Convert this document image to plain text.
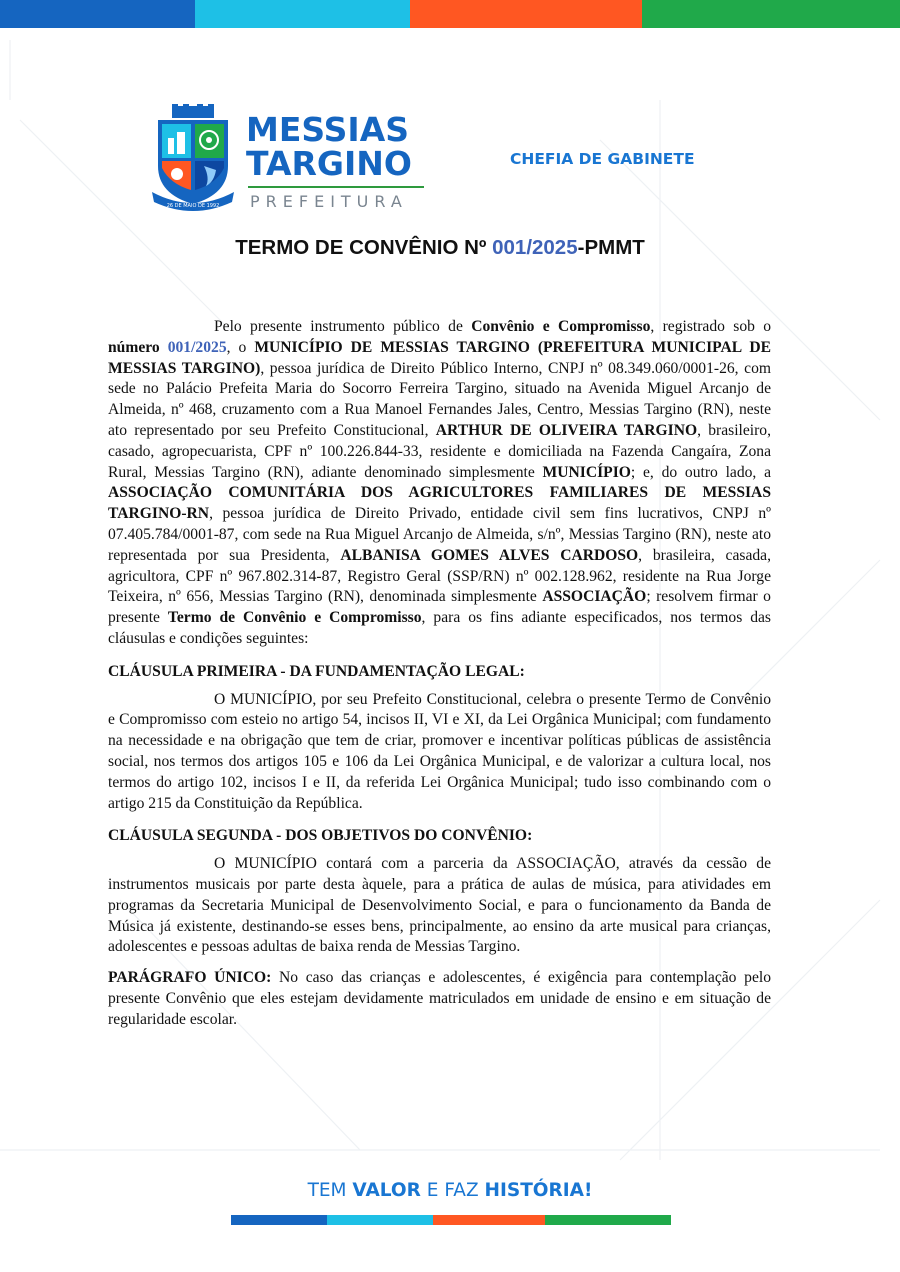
26 DE MAIO DE 1992
MESSIAS
TARGINO
PREFEITURA
CHEFIA DE GABINETE
TERMO DE CONVÊNIO Nº 001/2025-PMMT

Pelo presente instrumento público de Convênio e Compromisso, registrado sob o número 001/2025, o MUNICÍPIO DE MESSIAS TARGINO (PREFEITURA MUNICIPAL DE MESSIAS TARGINO), pessoa jurídica de Direito Público Interno, CNPJ nº 08.349.060/0001-26, com sede no Palácio Prefeita Maria do Socorro Ferreira Targino, situado na Avenida Miguel Arcanjo de Almeida, nº 468, cruzamento com a Rua Manoel Fernandes Jales, Centro, Messias Targino (RN), neste ato representado por seu Prefeito Constitucional, ARTHUR DE OLIVEIRA TARGINO, brasileiro, casado, agropecuarista, CPF nº 100.226.844-33, residente e domiciliada na Fazenda Cangaíra, Zona Rural, Messias Targino (RN), adiante denominado simplesmente MUNICÍPIO; e, do outro lado, a ASSOCIAÇÃO COMUNITÁRIA DOS AGRICULTORES FAMILIARES DE MESSIAS TARGINO-RN, pessoa jurídica de Direito Privado, entidade civil sem fins lucrativos, CNPJ nº 07.405.784/0001-87, com sede na Rua Miguel Arcanjo de Almeida, s/nº, Messias Targino (RN), neste ato representada por sua Presidenta, ALBANISA GOMES ALVES CARDOSO, brasileira, casada, agricultora, CPF nº 967.802.314-87, Registro Geral (SSP/RN) nº 002.128.962, residente na Rua Jorge Teixeira, nº 656, Messias Targino (RN), denominada simplesmente ASSOCIAÇÃO; resolvem firmar o presente Termo de Convênio e Compromisso, para os fins adiante especificados, nos termos das cláusulas e condições seguintes:

CLÁUSULA PRIMEIRA - DA FUNDAMENTAÇÃO LEGAL:

O MUNICÍPIO, por seu Prefeito Constitucional, celebra o presente Termo de Convênio e Compromisso com esteio no artigo 54, incisos II, VI e XI, da Lei Orgânica Municipal; com fundamento na necessidade e na obrigação que tem de criar, promover e incentivar políticas públicas de assistência social, nos termos dos artigos 105 e 106 da Lei Orgânica Municipal, e de valorizar a cultura local, nos termos do artigo 102, incisos I e II, da referida Lei Orgânica Municipal; tudo isso combinando com o artigo 215 da Constituição da República.

CLÁUSULA SEGUNDA - DOS OBJETIVOS DO CONVÊNIO:

O MUNICÍPIO contará com a parceria da ASSOCIAÇÃO, através da cessão de instrumentos musicais por parte desta àquele, para a prática de aulas de música, para atividades em programas da Secretaria Municipal de Desenvolvimento Social, e para o funcionamento da Banda de Música já existente, destinando-se esses bens, principalmente, ao ensino da arte musical para crianças, adolescentes e pessoas adultas de baixa renda de Messias Targino.

PARÁGRAFO ÚNICO: No caso das crianças e adolescentes, é exigência para contemplação pelo presente Convênio que eles estejam devidamente matriculados em unidade de ensino e em situação de regularidade escolar.

TEM VALOR E FAZ HISTÓRIA!
